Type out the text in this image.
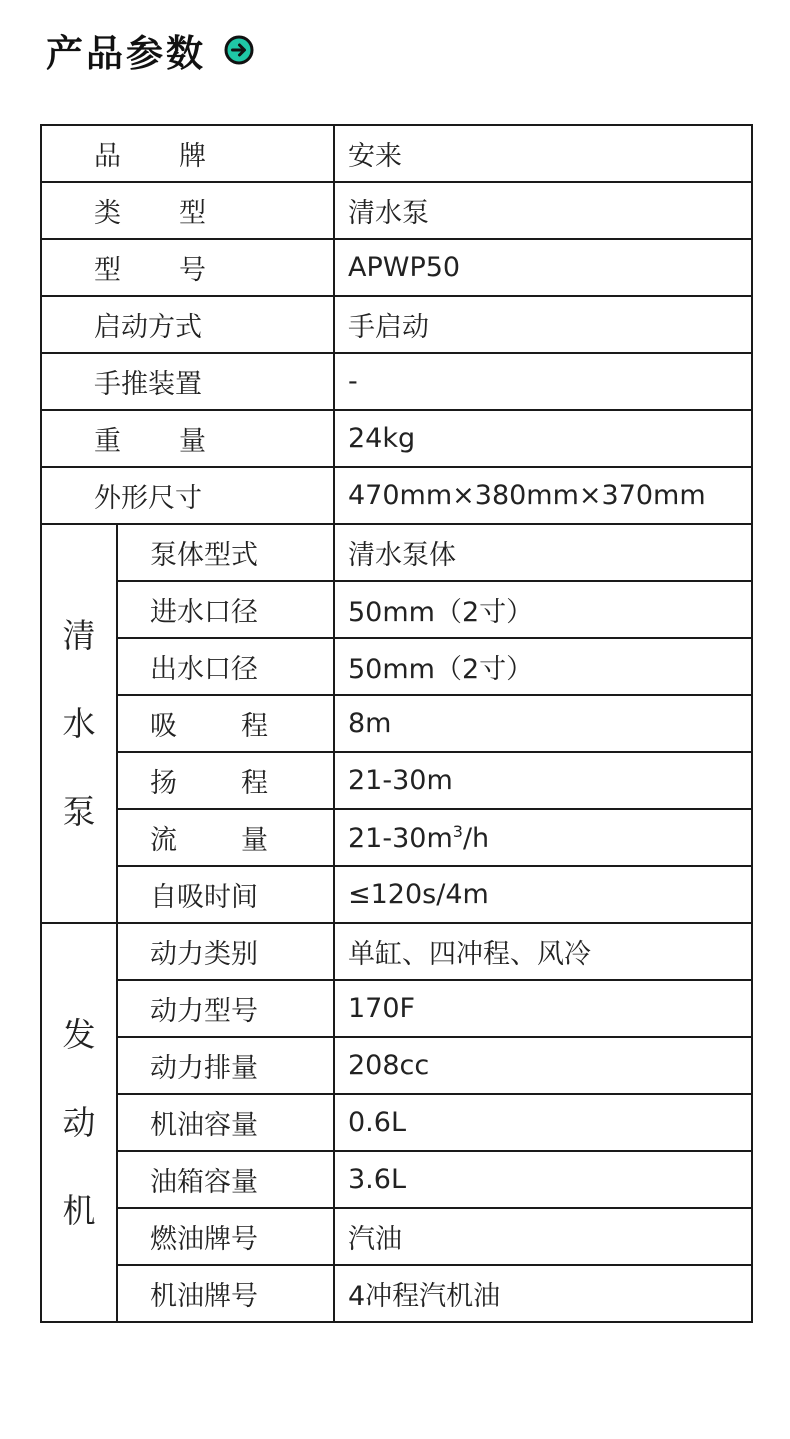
产品参数
品 牌		安来

类 型		清水泵

型 号		APWP50
启动方式		手启动
手推装置		-

重 量		24kg
外形尺寸		470mm×380mm×370mm

清
水
泵	泵体型式	清水泵体
	进水口径	50mm（2寸）
	出水口径	50mm（2寸）

	吸 程	8m

	扬 程	21-30m

	流 量	$21-30m^3/h$
	自吸时间	≤120s/4m

发
动
机	动力类别	单缸、四冲程、风冷
	动力型号	170F
	动力排量	208cc
	机油容量	0.6L
	油箱容量	3.6L
	燃油牌号	汽油
	机油牌号	4冲程汽机油
